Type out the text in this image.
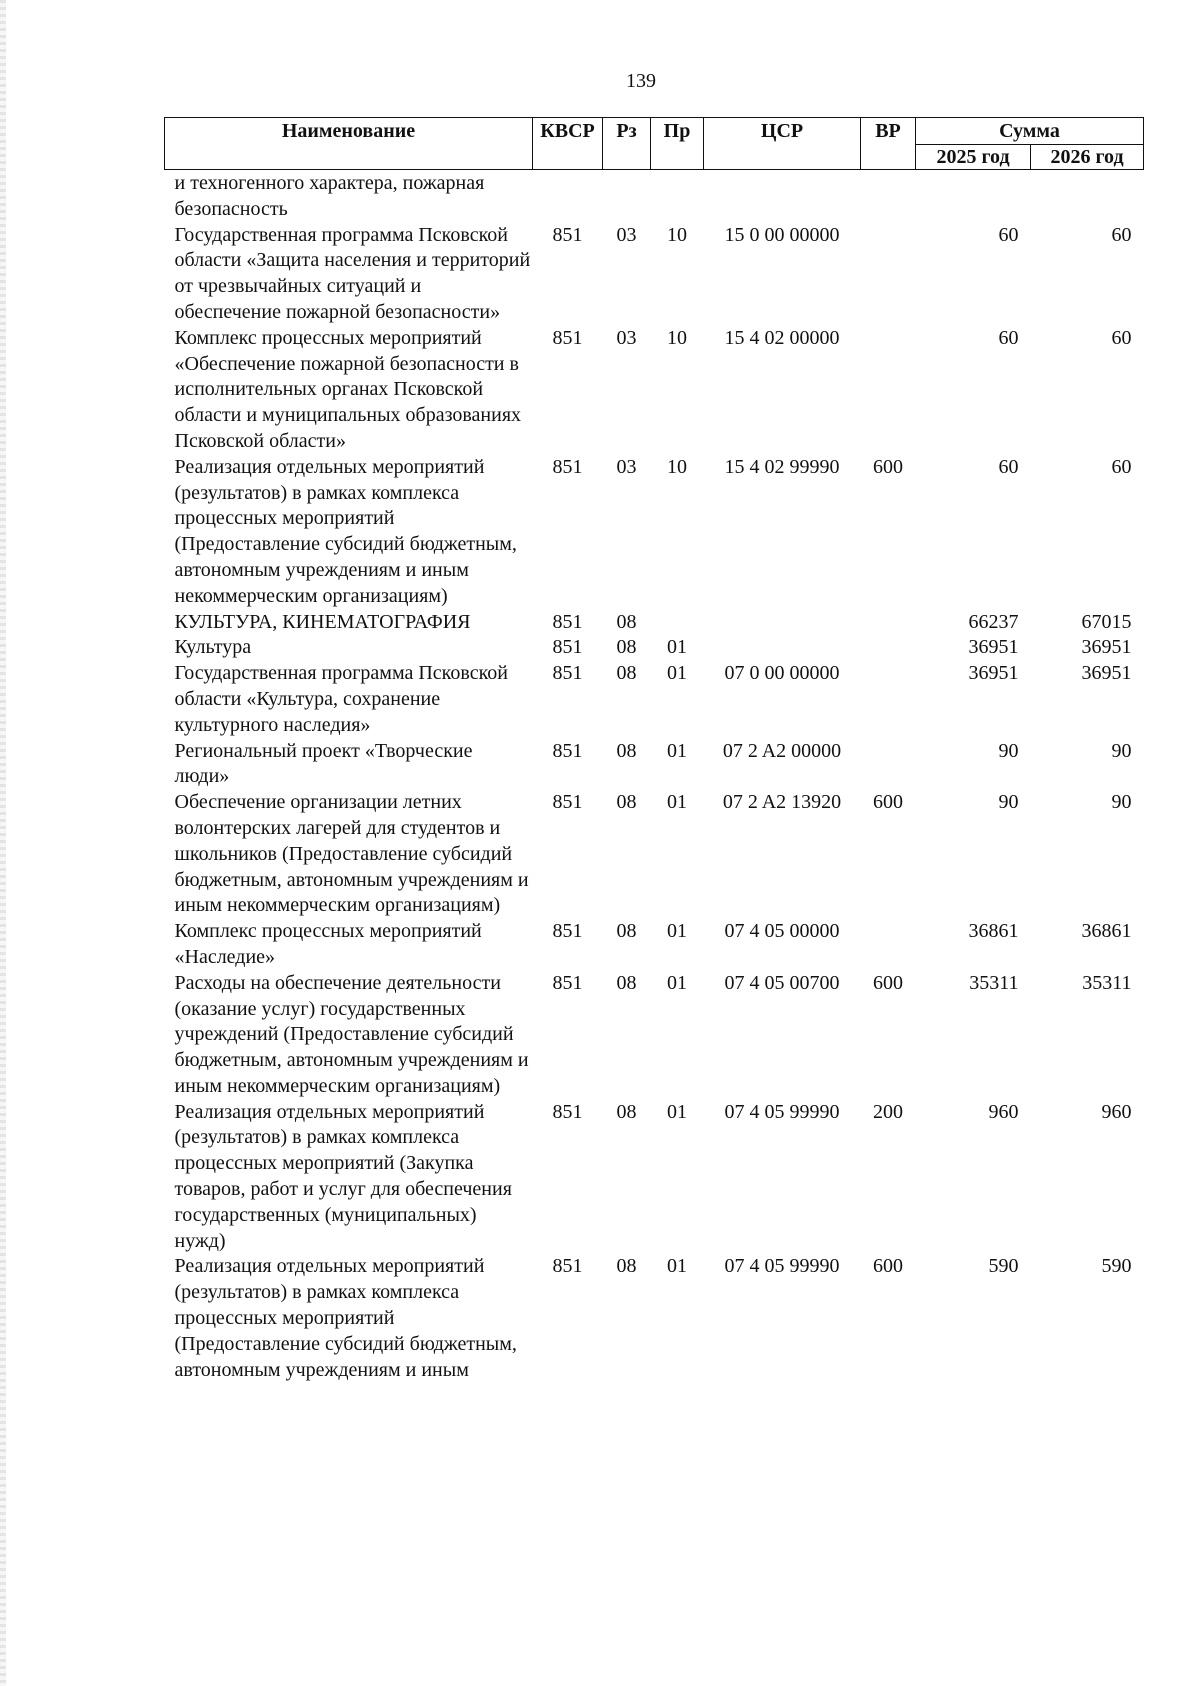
139
Наименование	КВСР	Рз	Пр	ЦСР	ВР	Сумма	
						2025 год	2026 год
и техногенного характера, пожарная безопасность							
Государственная программа Псковской области «Защита населения и территорий от чрезвычайных ситуаций и обеспечение пожарной безопасности»	851	03	10	15 0 00 00000		60	60
Комплекс процессных мероприятий «Обеспечение пожарной безопасности в исполнительных органах Псковской области и муниципальных образованиях Псковской области»	851	03	10	15 4 02 00000		60	60
Реализация отдельных мероприятий (результатов) в рамках комплекса процессных мероприятий (Предоставление субсидий бюджетным, автономным учреждениям и иным некоммерческим организациям)	851	03	10	15 4 02 99990	600	60	60
КУЛЬТУРА, КИНЕМАТОГРАФИЯ	851	08				66237	67015
Культура	851	08	01			36951	36951
Государственная программа Псковской области «Культура, сохранение культурного наследия»	851	08	01	07 0 00 00000		36951	36951
Региональный проект «Творческие люди»	851	08	01	07 2 A2 00000		90	90
Обеспечение организации летних волонтерских лагерей для студентов и школьников (Предоставление субсидий бюджетным, автономным учреждениям и иным некоммерческим организациям)	851	08	01	07 2 A2 13920	600	90	90
Комплекс процессных мероприятий «Наследие»	851	08	01	07 4 05 00000		36861	36861
Расходы на обеспечение деятельности (оказание услуг) государственных учреждений (Предоставление субсидий бюджетным, автономным учреждениям и иным некоммерческим организациям)	851	08	01	07 4 05 00700	600	35311	35311
Реализация отдельных мероприятий (результатов) в рамках комплекса процессных мероприятий (Закупка товаров, работ и услуг для обеспечения государственных (муниципальных) нужд)	851	08	01	07 4 05 99990	200	960	960
Реализация отдельных мероприятий (результатов) в рамках комплекса процессных мероприятий (Предоставление субсидий бюджетным, автономным учреждениям и иным	851	08	01	07 4 05 99990	600	590	590
